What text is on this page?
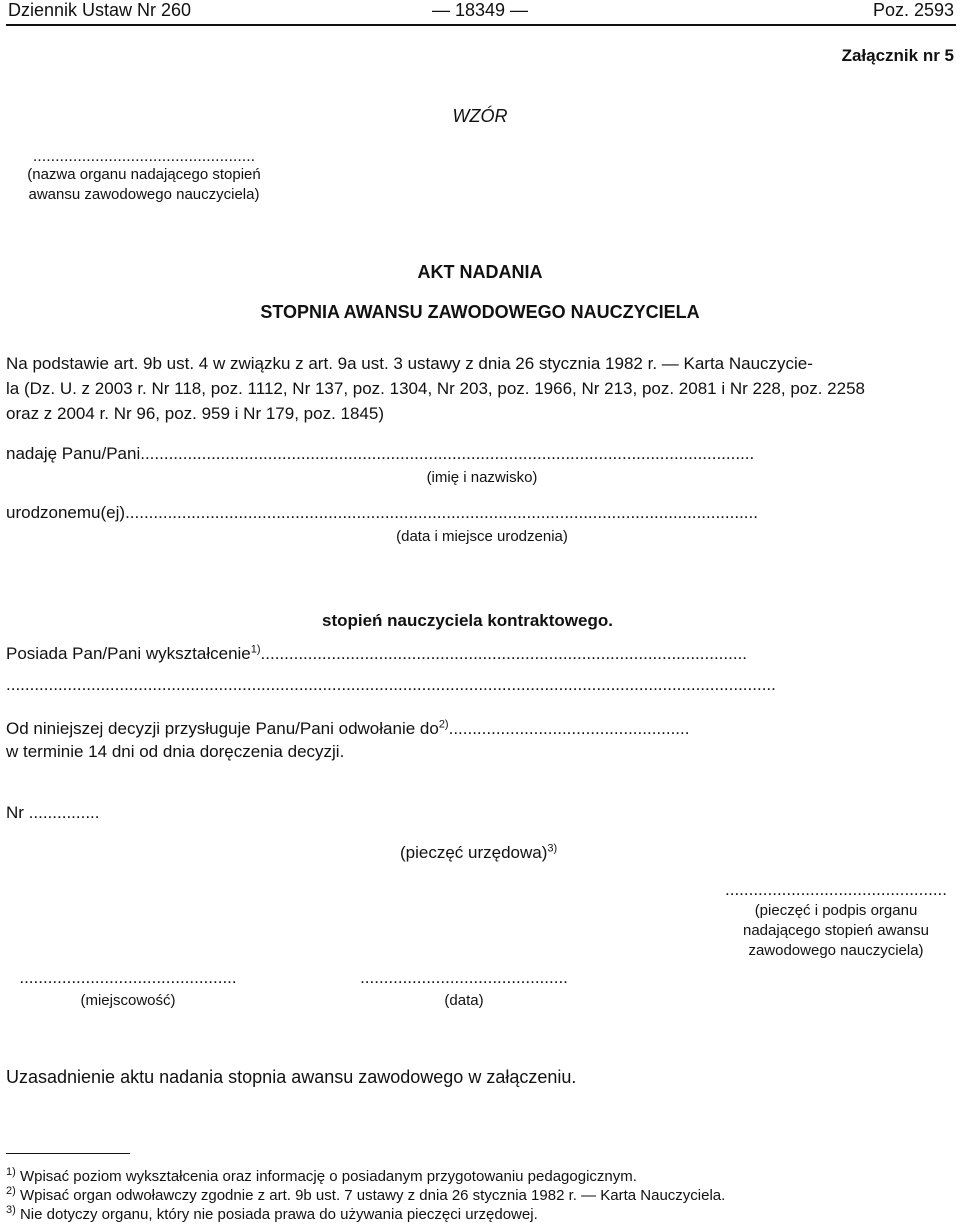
Dziennik Ustaw Nr 260	— 18349 —	Poz. 2593
Załącznik nr 5
WZÓR
..................................................
(nazwa organu nadającego stopień
awansu zawodowego nauczyciela)
AKT NADANIA
STOPNIA AWANSU ZAWODOWEGO NAUCZYCIELA
Na podstawie art. 9b ust. 4 w związku z art. 9a ust. 3 ustawy z dnia 26 stycznia 1982 r. — Karta Nauczycie-
la (Dz. U. z 2003 r. Nr 118, poz. 1112, Nr 137, poz. 1304, Nr 203, poz. 1966, Nr 213, poz. 2081 i Nr 228, poz. 2258
oraz z 2004 r. Nr 96, poz. 959 i Nr 179, poz. 1845)
nadaję Panu/Pani..................................................................................................................................
(imię i nazwisko)
urodzonemu(ej)......................................................................................................................................
(data i miejsce urodzenia)
stopień nauczyciela kontraktowego.
Posiada Pan/Pani wykształcenie$^{1)}$.......................................................................................................
...................................................................................................................................................................
Od niniejszej decyzji przysługuje Panu/Pani odwołanie $do^{2)}$...................................................
w terminie 14 dni od dnia doręczenia decyzji.
Nr ...............
(pieczęć urzędowa)$^{3)}$
...............................................
(pieczęć i podpis organu
nadającego stopień awansu
zawodowego nauczyciela)
..............................................
(miejscowość)
............................................
(data)
Uzasadnienie aktu nadania stopnia awansu zawodowego w załączeniu.
$^{1)}$ Wpisać poziom wykształcenia oraz informację o posiadanym przygotowaniu pedagogicznym.
$^{2)}$ Wpisać organ odwoławczy zgodnie z art. 9b ust. 7 ustawy z dnia 26 stycznia 1982 r. — Karta Nauczyciela.
$^{3)}$ Nie dotyczy organu, który nie posiada prawa do używania pieczęci urzędowej.
